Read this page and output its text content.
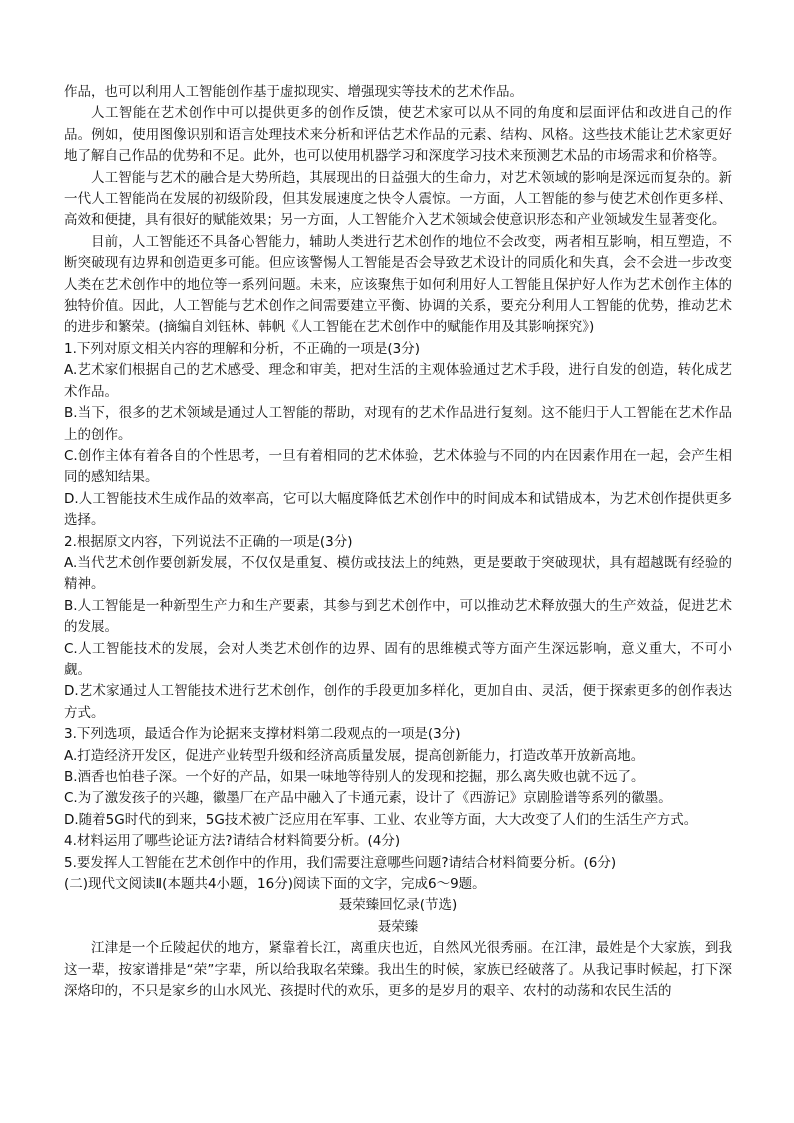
作品，也可以利用人工智能创作基于虚拟现实、增强现实等技术的艺术作品。

人工智能在艺术创作中可以提供更多的创作反馈，使艺术家可以从不同的角度和层面评估和改进自己的作品。例如，使用图像识别和语言处理技术来分析和评估艺术作品的元素、结构、风格。这些技术能让艺术家更好地了解自己作品的优势和不足。此外，也可以使用机器学习和深度学习技术来预测艺术品的市场需求和价格等。

人工智能与艺术的融合是大势所趋，其展现出的日益强大的生命力，对艺术领域的影响是深远而复杂的。新一代人工智能尚在发展的初级阶段，但其发展速度之快令人震惊。一方面，人工智能的参与使艺术创作更多样、高效和便捷，具有很好的赋能效果；另一方面，人工智能介入艺术领域会使意识形态和产业领域发生显著变化。

目前，人工智能还不具备心智能力，辅助人类进行艺术创作的地位不会改变，两者相互影响，相互塑造，不断突破现有边界和创造更多可能。但应该警惕人工智能是否会导致艺术设计的同质化和失真，会不会进一步改变人类在艺术创作中的地位等一系列问题。未来，应该聚焦于如何利用好人工智能且保护好人作为艺术创作主体的独特价值。因此，人工智能与艺术创作之间需要建立平衡、协调的关系，要充分利用人工智能的优势，推动艺术的进步和繁荣。(摘编自刘钰林、韩帆《人工智能在艺术创作中的赋能作用及其影响探究》)

1.下列对原文相关内容的理解和分析，不正确的一项是(3分)

A.艺术家们根据自己的艺术感受、理念和审美，把对生活的主观体验通过艺术手段，进行自发的创造，转化成艺术作品。

B.当下，很多的艺术领域是通过人工智能的帮助，对现有的艺术作品进行复刻。这不能归于人工智能在艺术作品上的创作。

C.创作主体有着各自的个性思考，一旦有着相同的艺术体验，艺术体验与不同的内在因素作用在一起，会产生相同的感知结果。

D.人工智能技术生成作品的效率高，它可以大幅度降低艺术创作中的时间成本和试错成本，为艺术创作提供更多选择。

2.根据原文内容，下列说法不正确的一项是(3分)

A.当代艺术创作要创新发展，不仅仅是重复、模仿或技法上的纯熟，更是要敢于突破现状，具有超越既有经验的精神。

B.人工智能是一种新型生产力和生产要素，其参与到艺术创作中，可以推动艺术释放强大的生产效益，促进艺术的发展。

C.人工智能技术的发展，会对人类艺术创作的边界、固有的思维模式等方面产生深远影响，意义重大，不可小觑。

D.艺术家通过人工智能技术进行艺术创作，创作的手段更加多样化，更加自由、灵活，便于探索更多的创作表达方式。

3.下列选项，最适合作为论据来支撑材料第二段观点的一项是(3分)

A.打造经济开发区，促进产业转型升级和经济高质量发展，提高创新能力，打造改革开放新高地。

B.酒香也怕巷子深。一个好的产品，如果一味地等待别人的发现和挖掘，那么离失败也就不远了。

C.为了激发孩子的兴趣，徽墨厂在产品中融入了卡通元素，设计了《西游记》京剧脸谱等系列的徽墨。

D.随着5G时代的到来，5G技术被广泛应用在军事、工业、农业等方面，大大改变了人们的生活生产方式。

4.材料运用了哪些论证方法?请结合材料简要分析。(4分)

5.要发挥人工智能在艺术创作中的作用，我们需要注意哪些问题?请结合材料简要分析。(6分)

(二)现代文阅读Ⅱ(本题共4小题，16分)阅读下面的文字，完成6～9题。

聂荣臻回忆录(节选)

聂荣臻

江津是一个丘陵起伏的地方，紧靠着长江，离重庆也近，自然风光很秀丽。在江津，最姓是个大家族，到我这一辈，按家谱排是“荣”字辈，所以给我取名荣臻。我出生的时候，家族已经破落了。从我记事时候起，打下深深烙印的，不只是家乡的山水风光、孩提时代的欢乐，更多的是岁月的艰辛、农村的动荡和农民生活的
